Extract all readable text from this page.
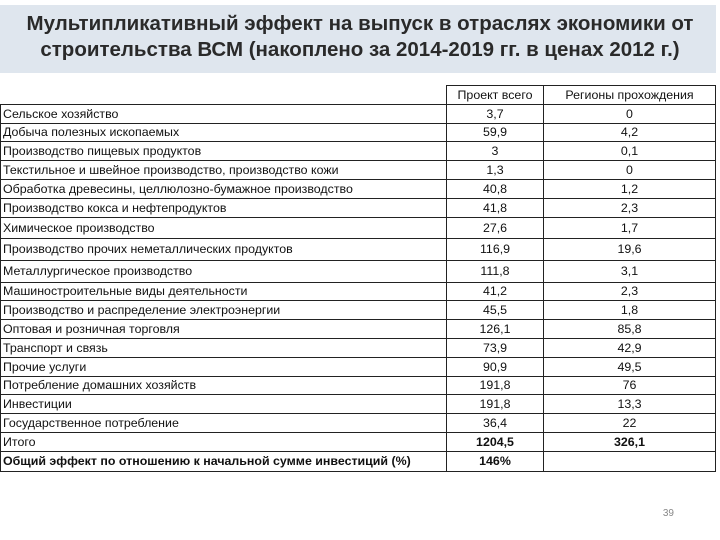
Мультипликативный эффект на выпуск в отраслях экономики от
строительства ВСМ (накоплено за 2014-2019 гг. в ценах 2012 г.)
	Проект всего	Регионы прохождения
Сельское хозяйство	3,7	0
Добыча полезных ископаемых	59,9	4,2
Производство пищевых продуктов	3	0,1
Текстильное и швейное производство, производство кожи	1,3	0
Обработка древесины, целлюлозно-бумажное производство	40,8	1,2
Производство кокса и нефтепродуктов	41,8	2,3
Химическое производство	27,6	1,7
Производство прочих неметаллических продуктов	116,9	19,6
Металлургическое производство	111,8	3,1
Машиностроительные виды деятельности	41,2	2,3
Производство и распределение электроэнергии	45,5	1,8
Оптовая и розничная торговля	126,1	85,8
Транспорт и связь	73,9	42,9
Прочие услуги	90,9	49,5
Потребление домашних хозяйств	191,8	76
Инвестиции	191,8	13,3
Государственное потребление	36,4	22
Итого	1204,5	326,1
Общий эффект по отношению к начальной сумме инвестиций (%)	146%	
39
